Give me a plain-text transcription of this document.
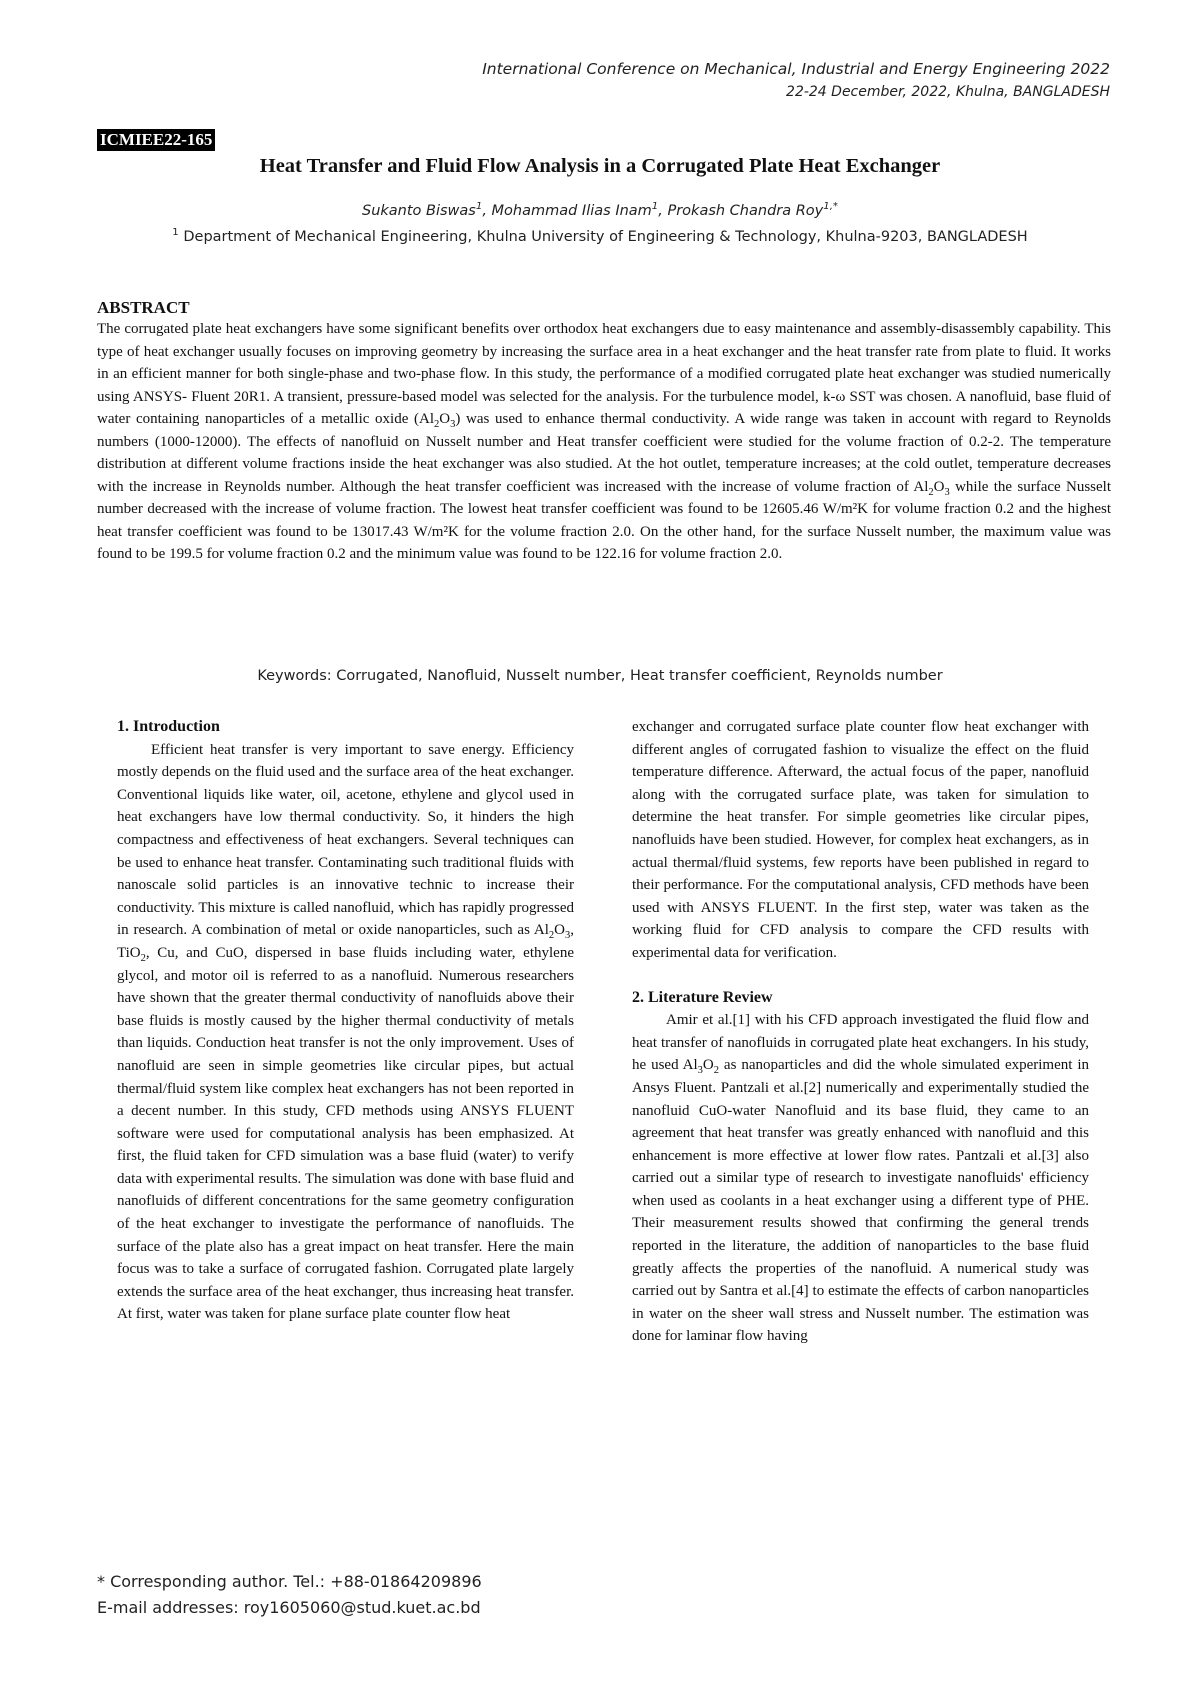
International Conference on Mechanical, Industrial and Energy Engineering 2022
22-24 December, 2022, Khulna, BANGLADESH
ICMIEE22-165
Heat Transfer and Fluid Flow Analysis in a Corrugated Plate Heat Exchanger
Sukanto Biswas$^1$, Mohammad Ilias Inam$^1$, Prokash Chandra Roy$^{1,*}$
$^1$ Department of Mechanical Engineering, Khulna University of Engineering & Technology, Khulna-9203, BANGLADESH
ABSTRACT
The corrugated plate heat exchangers have some significant benefits over orthodox heat exchangers due to easy maintenance and assembly-disassembly capability. This type of heat exchanger usually focuses on improving geometry by increasing the surface area in a heat exchanger and the heat transfer rate from plate to fluid. It works in an efficient manner for both single-phase and two-phase flow. In this study, the performance of a modified corrugated plate heat exchanger was studied numerically using ANSYS- Fluent 20R1. A transient, pressure-based model was selected for the analysis. For the turbulence model, k-ω SST was chosen. A nanofluid, base fluid of water containing nanoparticles of a metallic oxide $(Al_2O_3)$ was used to enhance thermal conductivity. A wide range was taken in account with regard to Reynolds numbers (1000-12000). The effects of nanofluid on Nusselt number and Heat transfer coefficient were studied for the volume fraction of 0.2-2. The temperature distribution at different volume fractions inside the heat exchanger was also studied. At the hot outlet, temperature increases; at the cold outlet, temperature decreases with the increase in Reynolds number. Although the heat transfer coefficient was increased with the increase of volume fraction of $Al_2O_3$ while the surface Nusselt number decreased with the increase of volume fraction. The lowest heat transfer coefficient was found to be 12605.46 W/m²K for volume fraction 0.2 and the highest heat transfer coefficient was found to be 13017.43 W/m²K for the volume fraction 2.0. On the other hand, for the surface Nusselt number, the maximum value was found to be 199.5 for volume fraction 0.2 and the minimum value was found to be 122.16 for volume fraction 2.0.
Keywords: Corrugated, Nanofluid, Nusselt number, Heat transfer coefficient, Reynolds number

1. Introduction

Efficient heat transfer is very important to save energy. Efficiency mostly depends on the fluid used and the surface area of the heat exchanger. Conventional liquids like water, oil, acetone, ethylene and glycol used in heat exchangers have low thermal conductivity. So, it hinders the high compactness and effectiveness of heat exchangers. Several techniques can be used to enhance heat transfer. Contaminating such traditional fluids with nanoscale solid particles is an innovative technic to increase their conductivity. This mixture is called nanofluid, which has rapidly progressed in research. A combination of metal or oxide nanoparticles, such as $Al_2O_3$, TiO$_2$, Cu, and CuO, dispersed in base fluids including water, ethylene glycol, and motor oil is referred to as a nanofluid. Numerous researchers have shown that the greater thermal conductivity of nanofluids above their base fluids is mostly caused by the higher thermal conductivity of metals than liquids. Conduction heat transfer is not the only improvement. Uses of nanofluid are seen in simple geometries like circular pipes, but actual thermal/fluid system like complex heat exchangers has not been reported in a decent number. In this study, CFD methods using ANSYS FLUENT software were used for computational analysis has been emphasized. At first, the fluid taken for CFD simulation was a base fluid (water) to verify data with experimental results. The simulation was done with base fluid and nanofluids of different concentrations for the same geometry configuration of the heat exchanger to investigate the performance of nanofluids. The surface of the plate also has a great impact on heat transfer. Here the main focus was to take a surface of corrugated fashion. Corrugated plate largely extends the surface area of the heat exchanger, thus increasing heat transfer. At first, water was taken for plane surface plate counter flow heat

exchanger and corrugated surface plate counter flow heat exchanger with different angles of corrugated fashion to visualize the effect on the fluid temperature difference. Afterward, the actual focus of the paper, nanofluid along with the corrugated surface plate, was taken for simulation to determine the heat transfer. For simple geometries like circular pipes, nanofluids have been studied. However, for complex heat exchangers, as in actual thermal/fluid systems, few reports have been published in regard to their performance. For the computational analysis, CFD methods have been used with ANSYS FLUENT. In the first step, water was taken as the working fluid for CFD analysis to compare the CFD results with experimental data for verification.

2. Literature Review

Amir et al.[1] with his CFD approach investigated the fluid flow and heat transfer of nanofluids in corrugated plate heat exchangers. In his study, he used $Al_3O_2$ as nanoparticles and did the whole simulated experiment in Ansys Fluent. Pantzali et al.[2] numerically and experimentally studied the nanofluid CuO-water Nanofluid and its base fluid, they came to an agreement that heat transfer was greatly enhanced with nanofluid and this enhancement is more effective at lower flow rates. Pantzali et al.[3] also carried out a similar type of research to investigate nanofluids' efficiency when used as coolants in a heat exchanger using a different type of PHE. Their measurement results showed that confirming the general trends reported in the literature, the addition of nanoparticles to the base fluid greatly affects the properties of the nanofluid. A numerical study was carried out by Santra et al.[4] to estimate the effects of carbon nanoparticles in water on the sheer wall stress and Nusselt number. The estimation was done for laminar flow having

* Corresponding author. Tel.: +88-01864209896
E-mail addresses: roy1605060@stud.kuet.ac.bd
